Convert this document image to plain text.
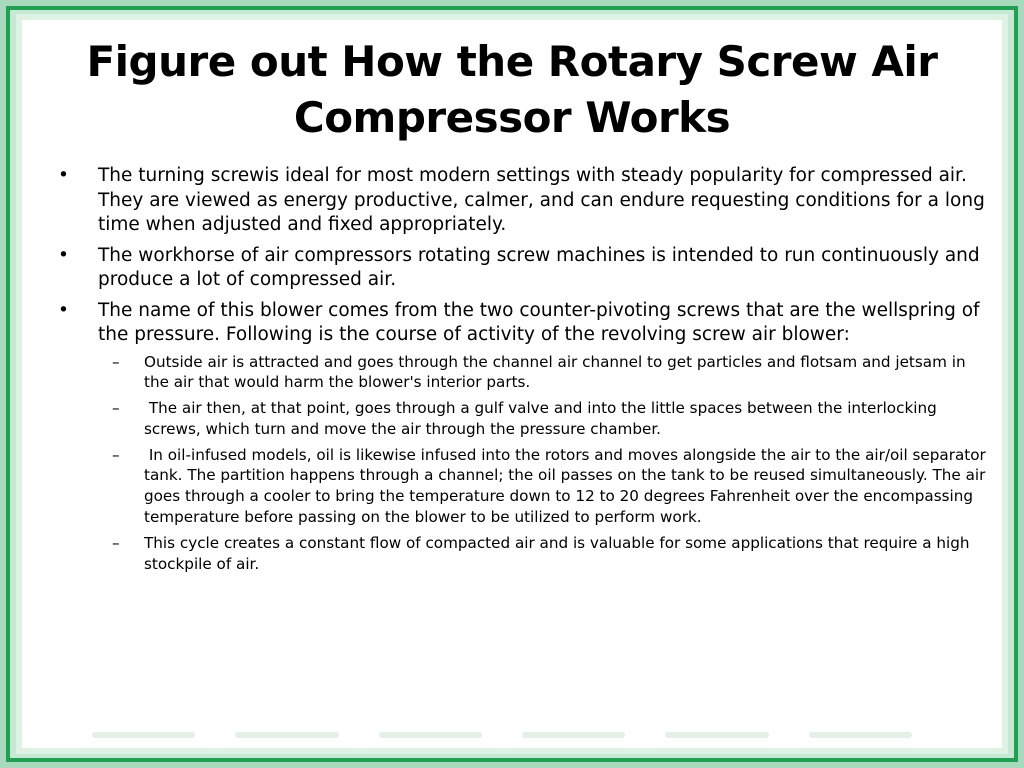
Figure out How the Rotary Screw Air Compressor Works
•	The turning screwis ideal for most modern settings with steady popularity for compressed air. They are viewed as energy productive, calmer, and can endure requesting conditions for a long time when adjusted and fixed appropriately.
•	The workhorse of air compressors rotating screw machines is intended to run continuously and produce a lot of compressed air.
•	The name of this blower comes from the two counter-pivoting screws that are the wellspring of the pressure. Following is the course of activity of the revolving screw air blower:
– Outside air is attracted and goes through the channel air channel to get particles and flotsam and jetsam in the air that would harm the blower's interior parts.
– The air then, at that point, goes through a gulf valve and into the little spaces between the interlocking screws, which turn and move the air through the pressure chamber.
– In oil-infused models, oil is likewise infused into the rotors and moves alongside the air to the air/oil separator tank. The partition happens through a channel; the oil passes on the tank to be reused simultaneously. The air goes through a cooler to bring the temperature down to 12 to 20 degrees Fahrenheit over the encompassing temperature before passing on the blower to be utilized to perform work.
– This cycle creates a constant flow of compacted air and is valuable for some applications that require a high stockpile of air.
